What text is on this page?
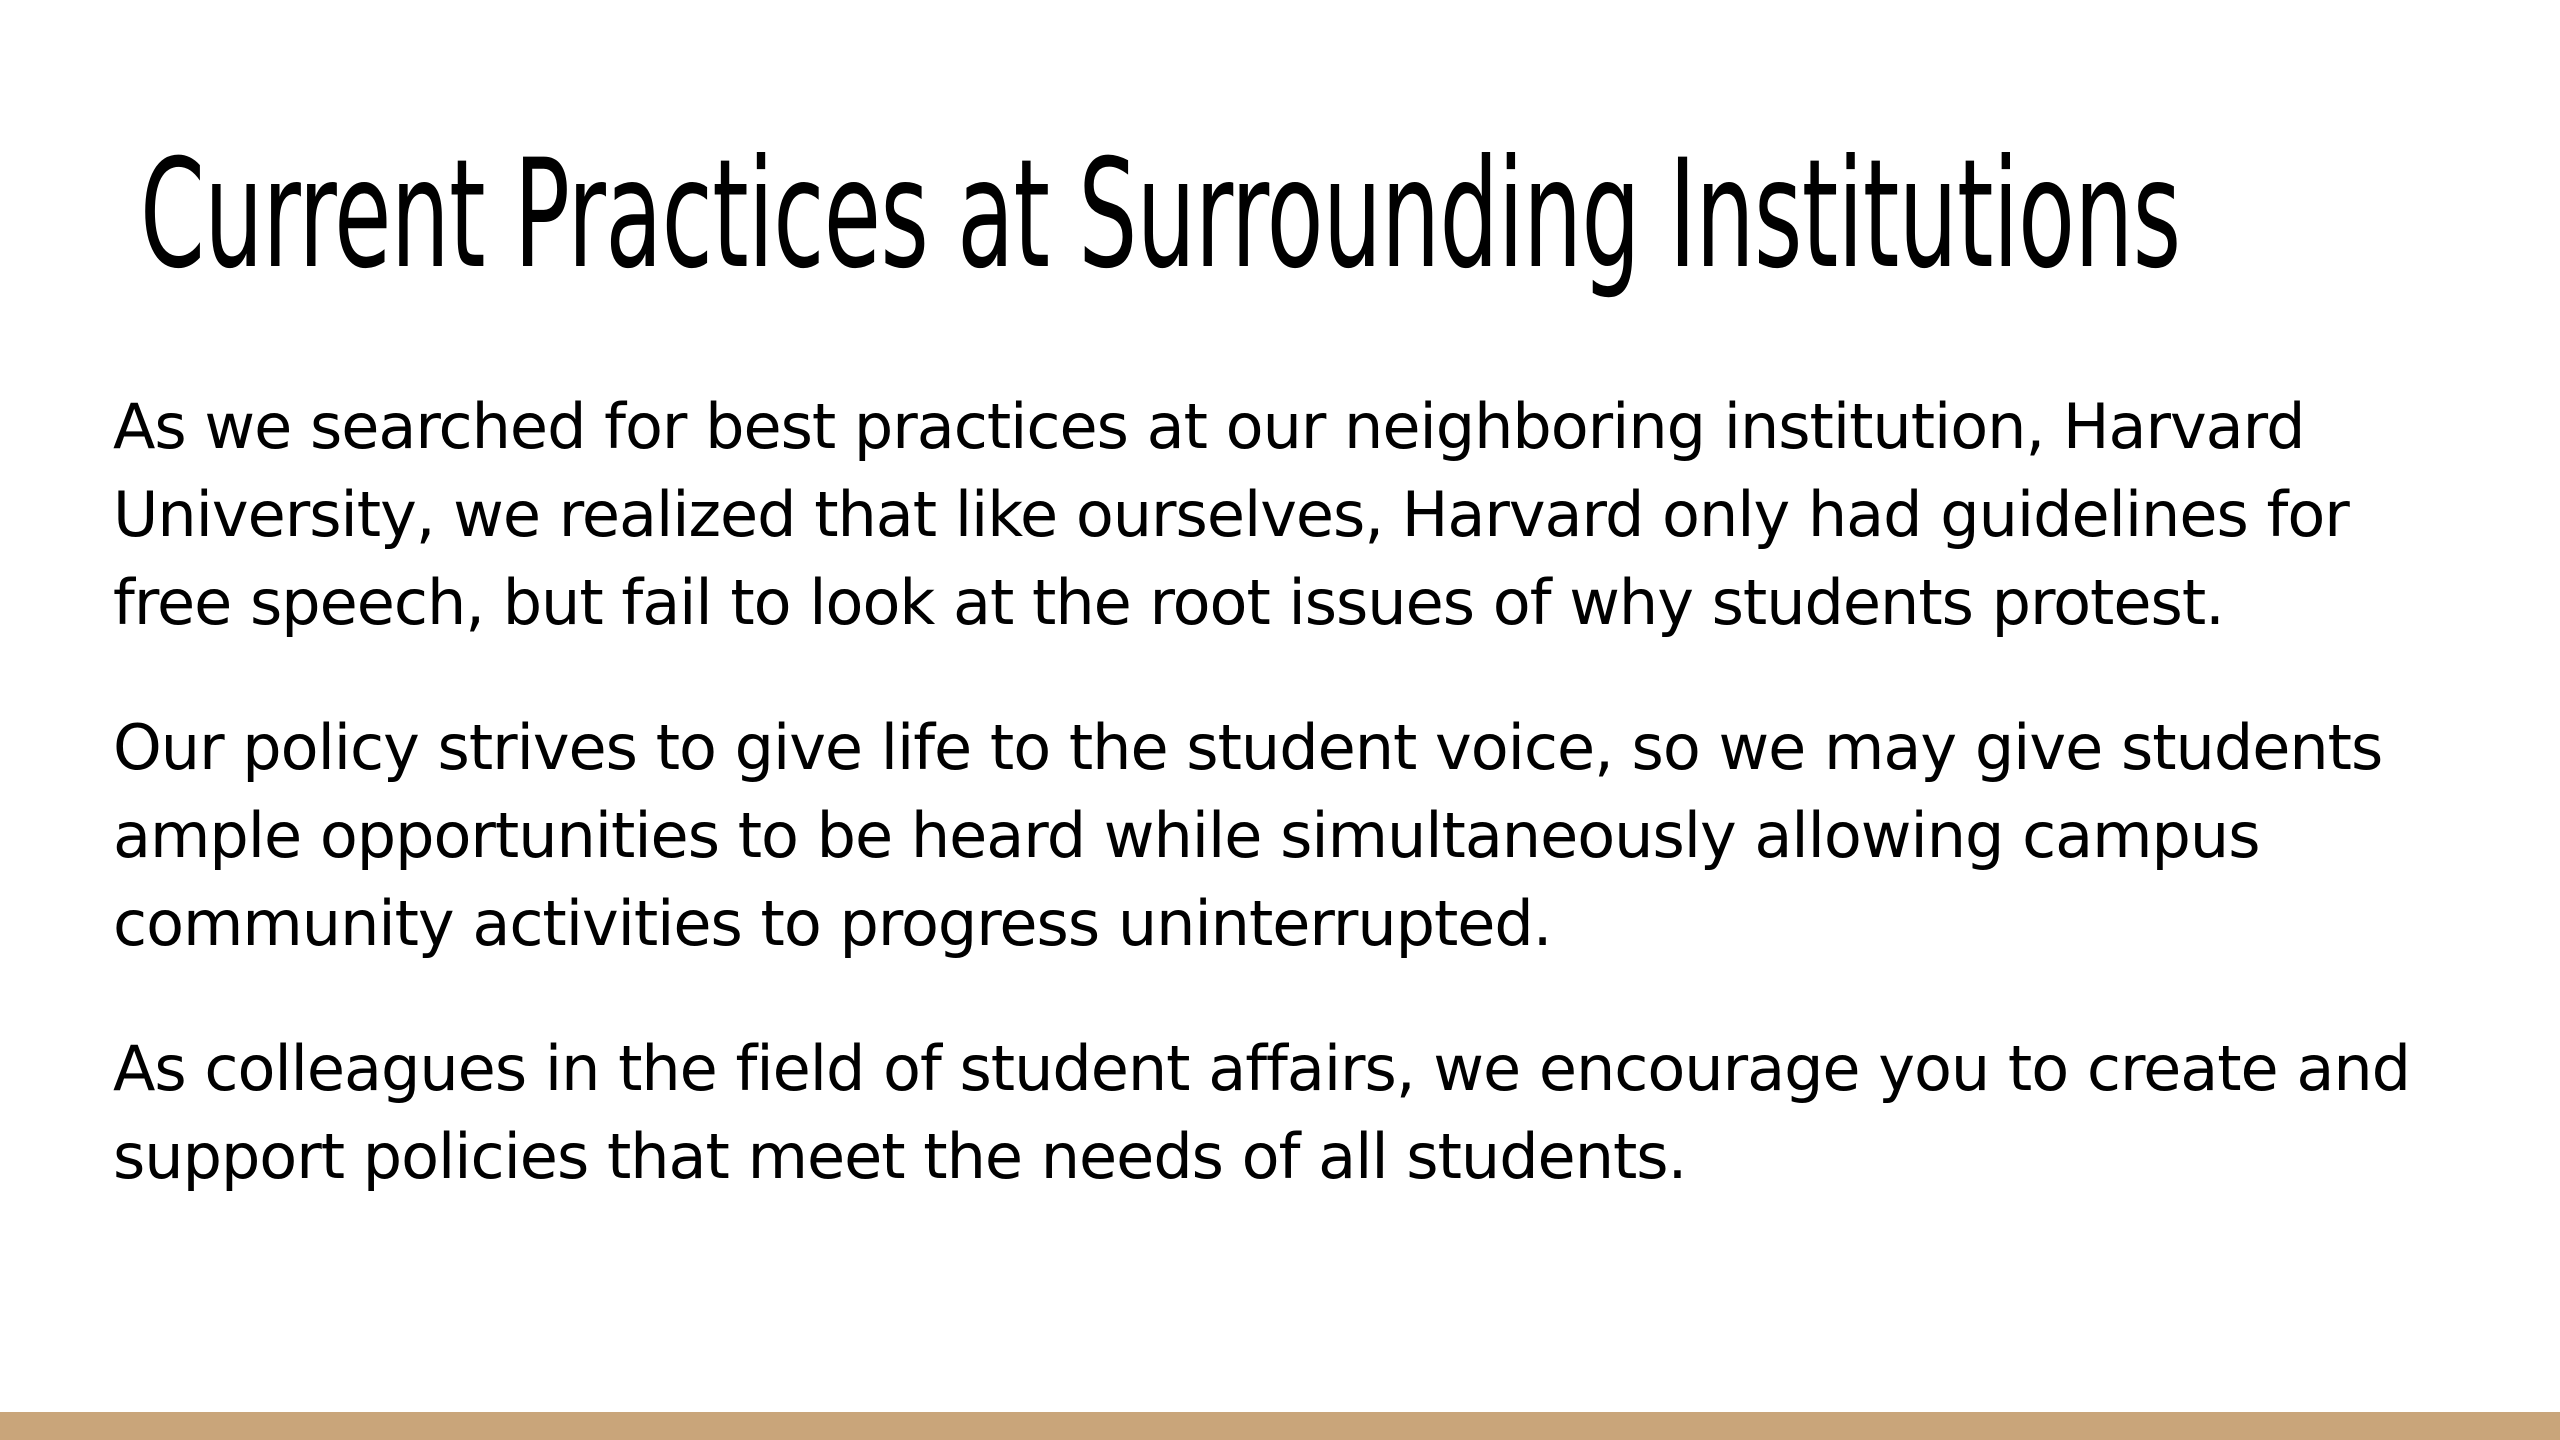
Current Practices at Surrounding Institutions

As we searched for best practices at our neighboring institution, Harvard University, we realized that like ourselves, Harvard only had guidelines for free speech, but fail to look at the root issues of why students protest.

Our policy strives to give life to the student voice, so we may give students ample opportunities to be heard while simultaneously allowing campus community activities to progress uninterrupted.

As colleagues in the field of student affairs, we encourage you to create and support policies that meet the needs of all students.
